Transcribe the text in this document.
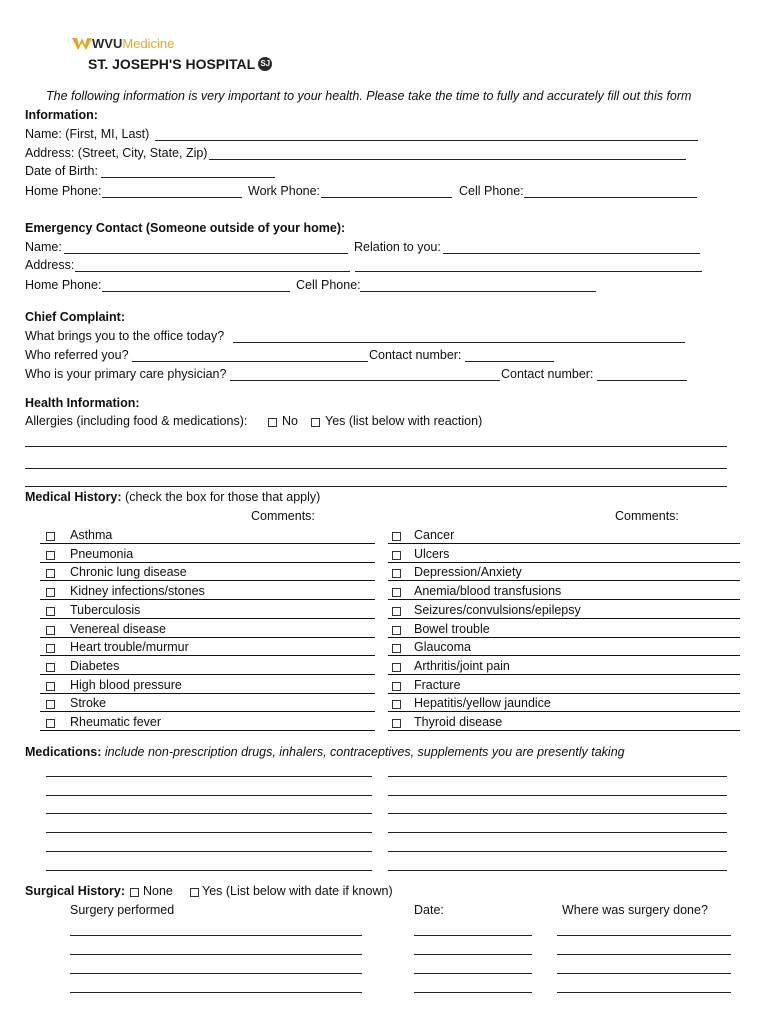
WVU Medicine
ST. JOSEPH'S HOSPITAL SJ
The following information is very important to your health. Please take the time to fully and accurately fill out this form
Information:
Name: (First, MI, Last)
Address: (Street, City, State, Zip)
Date of Birth:
Home Phone:	Work Phone:	Cell Phone:
Emergency Contact (Someone outside of your home):
Name:	Relation to you:
Address:
Home Phone:	Cell Phone:
Chief Complaint:
What brings you to the office today?
Who referred you?	Contact number:
Who is your primary care physician?	Contact number:
Health Information:
Allergies (including food & medications):	No Yes (list below with reaction)
Medical History: (check the box for those that apply)
Comments:	Comments:
Asthma
Pneumonia
Chronic lung disease
Kidney infections/stones
Tuberculosis
Venereal disease
Heart trouble/murmur
Diabetes
High blood pressure
Stroke
Rheumatic fever
Cancer
Ulcers
Depression/Anxiety
Anemia/blood transfusions
Seizures/convulsions/epilepsy
Bowel trouble
Glaucoma
Arthritis/joint pain
Fracture
Hepatitis/yellow jaundice
Thyroid disease
Medications: include non-prescription drugs, inhalers, contraceptives, supplements you are presently taking
Surgical History: None Yes (List below with date if known)
Surgery performed	Date:	Where was surgery done?
